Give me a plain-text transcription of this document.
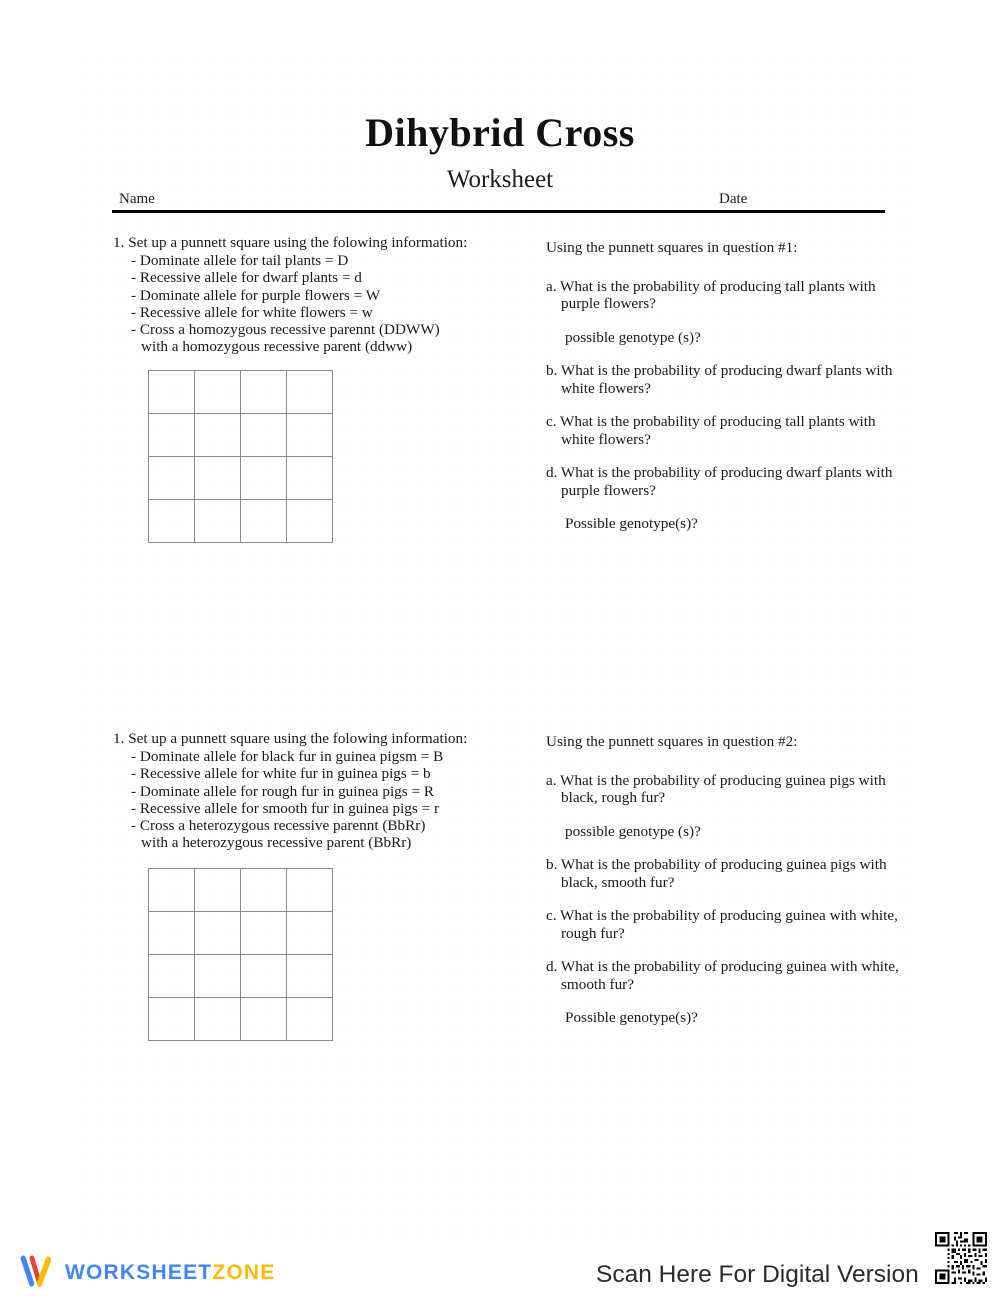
Dihybrid Cross
Worksheet
Name	Date

1. Set up a punnett square using the folowing information:

- Dominate allele for tail plants = D
- Recessive allele for dwarf plants = d
- Dominate allele for purple flowers = W
- Recessive allele for white flowers = w
- Cross a homozygous recessive parennt (DDWW)
with a homozygous recessive parent (ddww)

Using the punnett squares in question #1:

a. What is the probability of producing tall plants with purple flowers?

possible genotype (s)?

b. What is the probability of producing dwarf plants with white flowers?

c. What is the probability of producing tall plants with white flowers?

d. What is the probability of producing dwarf plants with purple flowers?

Possible genotype(s)?

1. Set up a punnett square using the folowing information:

- Dominate allele for black fur in guinea pigsm = B
- Recessive allele for white fur in guinea pigs = b
- Dominate allele for rough fur in guinea pigs = R
- Recessive allele for smooth fur in guinea pigs = r
- Cross a heterozygous recessive parennt (BbRr)
with a heterozygous recessive parent (BbRr)

Using the punnett squares in question #2:

a. What is the probability of producing guinea pigs with black, rough fur?

possible genotype (s)?

b. What is the probability of producing guinea pigs with black, smooth fur?

c. What is the probability of producing guinea with white, rough fur?

d. What is the probability of producing guinea with white, smooth fur?

Possible genotype(s)?

WORKSHEETZONE	Scan Here For Digital Version
